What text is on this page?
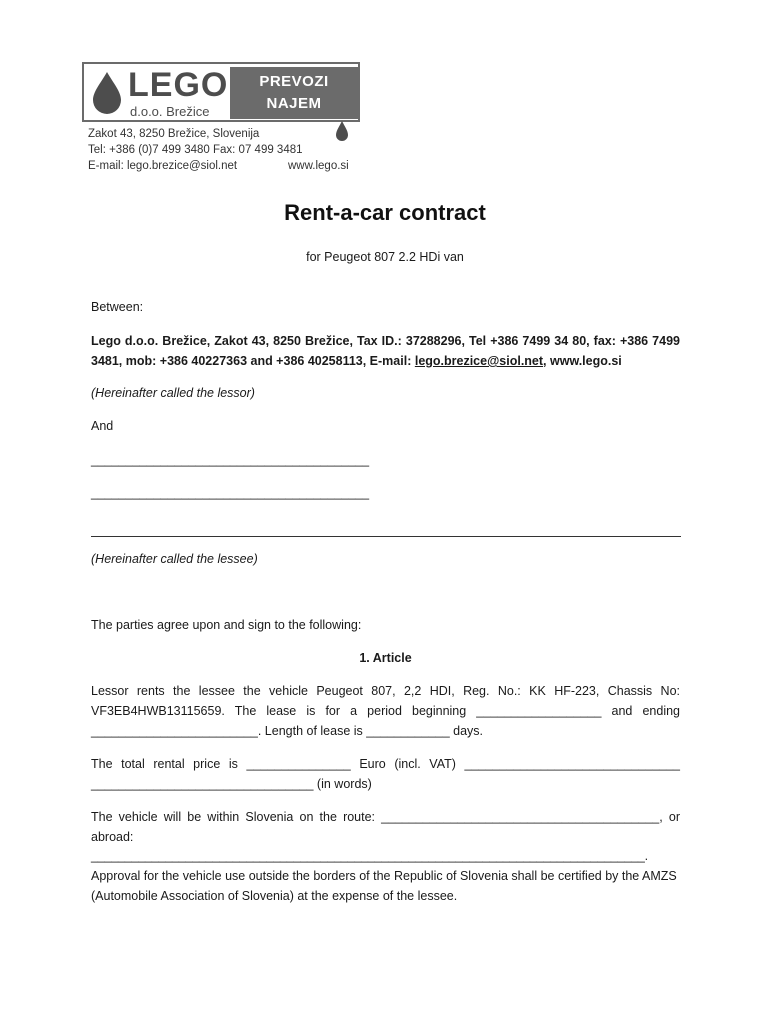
LEGO
d.o.o. Brežice
PREVOZI
NAJEM
Zakot 43, 8250 Brežice, Slovenija
Tel: +386 (0)7 499 3480 Fax: 07 499 3481
E-mail: lego.brezice@siol.net	www.lego.si
Rent-a-car contract
for Peugeot 807 2.2 HDi van
Between:
Lego d.o.o. Brežice, Zakot 43, 8250 Brežice, Tax ID.: 37288296, Tel +386 7499 34 80, fax: +386 7499 3481, mob: +386 40227363 and +386 40258113, E-mail: lego.brezice@siol.net, www.lego.si
(Hereinafter called the lessor)
And
________________________________________
________________________________________
(Hereinafter called the lessee)
The parties agree upon and sign to the following:
1. Article
Lessor rents the lessee the vehicle Peugeot 807, 2,2 HDI, Reg. No.: KK HF-223, Chassis No: VF3EB4HWB13115659. The lease is for a period beginning __________________ and ending ________________________. Length of lease is ____________ days.
The total rental price is _______________ Euro (incl. VAT) _______________________________ ________________________________ (in words)
The vehicle will be within Slovenia on the route: ________________________________________, or abroad:
__________________________________________________________________________________.
Approval for the vehicle use outside the borders of the Republic of Slovenia shall be certified by the AMZS (Automobile Association of Slovenia) at the expense of the lessee.
